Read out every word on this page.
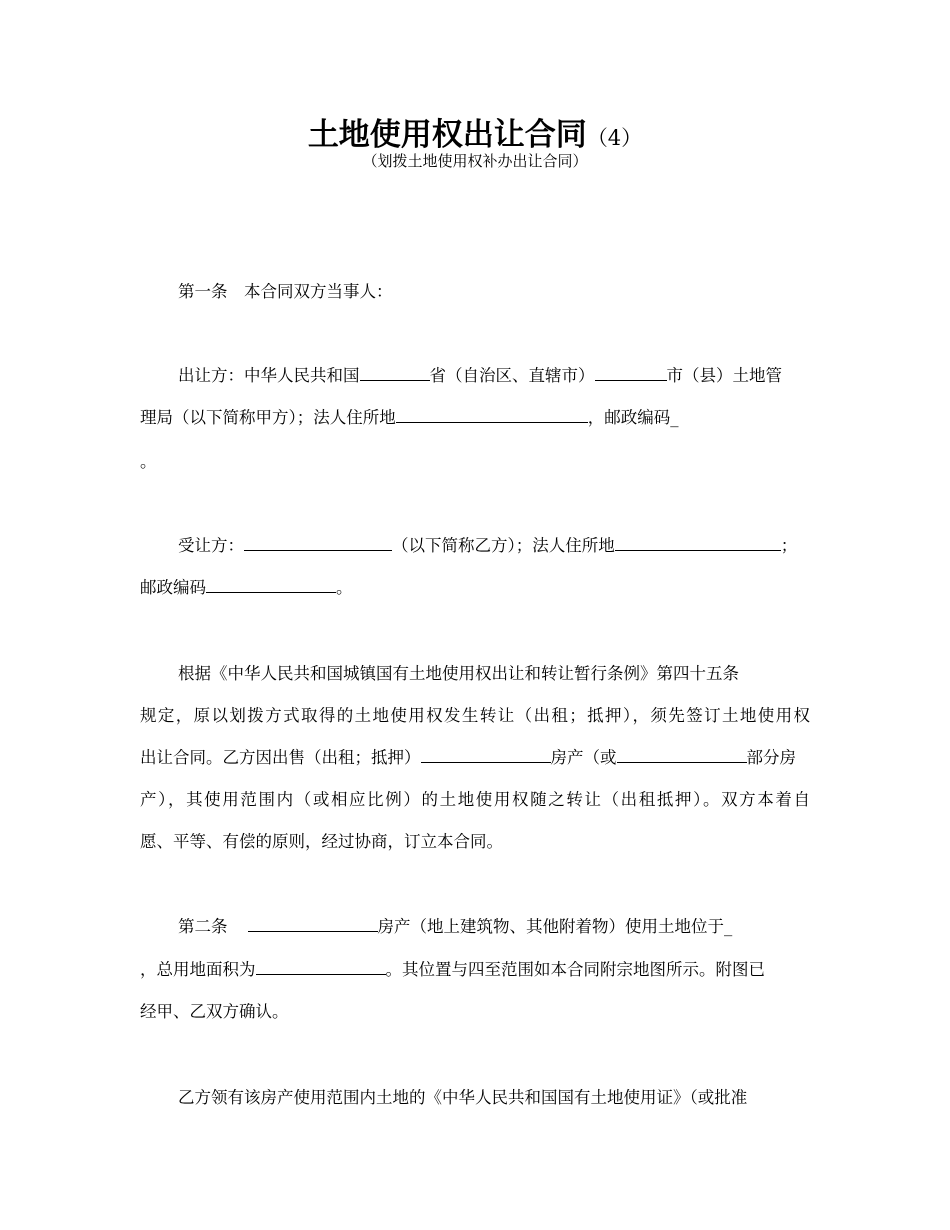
土地使用权出让合同（4）
（划拨土地使用权补办出让合同）
第一条　本合同双方当事人：
出让方：中华人民共和国	省（自治区、直辖市）	市（县）土地管
理局（以下简称甲方）；法人住所地	，邮政编码_
。
受让方：	（以下简称乙方）；法人住所地	；
邮政编码	。
根据《中华人民共和国城镇国有土地使用权出让和转让暂行条例》第四十五条
规定，原以划拨方式取得的土地使用权发生转让（出租；抵押），须先签订土地使用权
出让合同。乙方因出售（出租；抵押）	房产（或	部分房
产），其使用范围内（或相应比例）的土地使用权随之转让（出租抵押）。双方本着自
愿、平等、有偿的原则，经过协商，订立本合同。
第二条	房产（地上建筑物、其他附着物）使用土地位于_
，总用地面积为	。其位置与四至范围如本合同附宗地图所示。附图已
经甲、乙双方确认。
乙方领有该房产使用范围内土地的《中华人民共和国国有土地使用证》（或批准
